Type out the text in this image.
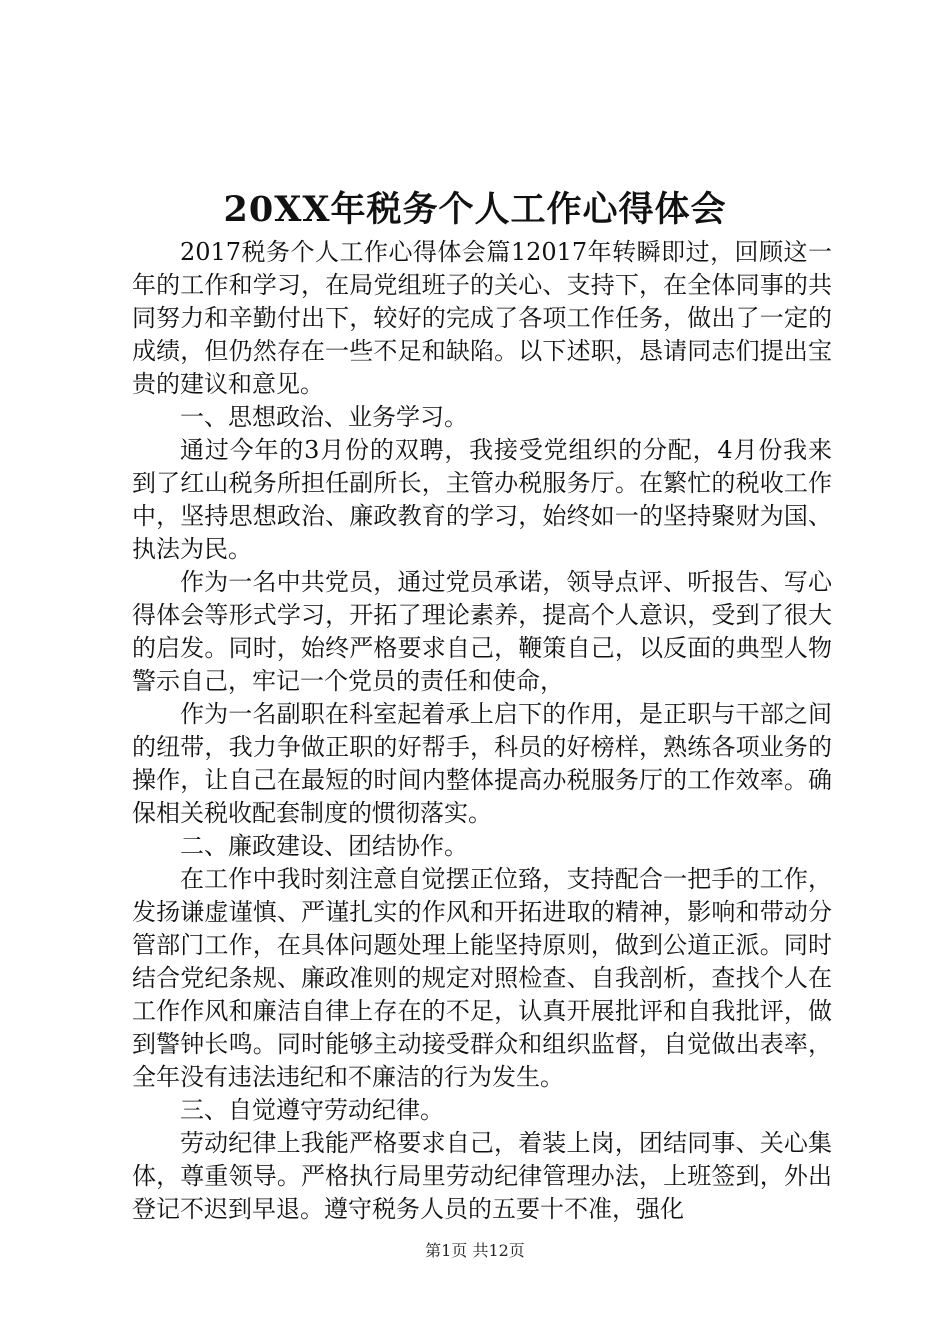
20XX年税务个人工作心得体会

2017税务个人工作心得体会篇12017年转瞬即过，回顾这一年的工作和学习，在局党组班子的关心、支持下，在全体同事的共同努力和辛勤付出下，较好的完成了各项工作任务，做出了一定的成绩，但仍然存在一些不足和缺陷。以下述职，恳请同志们提出宝贵的建议和意见。

一、思想政治、业务学习。

通过今年的3月份的双聘，我接受党组织的分配，4月份我来到了红山税务所担任副所长，主管办税服务厅。在繁忙的税收工作中，坚持思想政治、廉政教育的学习，始终如一的坚持聚财为国、执法为民。

作为一名中共党员，通过党员承诺，领导点评、听报告、写心得体会等形式学习，开拓了理论素养，提高个人意识，受到了很大的启发。同时，始终严格要求自己，鞭策自己，以反面的典型人物警示自己，牢记一个党员的责任和使命，

作为一名副职在科室起着承上启下的作用，是正职与干部之间的纽带，我力争做正职的好帮手，科员的好榜样，熟练各项业务的操作，让自己在最短的时间内整体提高办税服务厅的工作效率。确保相关税收配套制度的惯彻落实。

二、廉政建设、团结协作。

在工作中我时刻注意自觉摆正位臵，支持配合一把手的工作，发扬谦虚谨慎、严谨扎实的作风和开拓进取的精神，影响和带动分管部门工作，在具体问题处理上能坚持原则，做到公道正派。同时结合党纪条规、廉政准则的规定对照检查、自我剖析，查找个人在工作作风和廉洁自律上存在的不足，认真开展批评和自我批评，做到警钟长鸣。同时能够主动接受群众和组织监督，自觉做出表率，全年没有违法违纪和不廉洁的行为发生。

三、自觉遵守劳动纪律。

劳动纪律上我能严格要求自己，着装上岗，团结同事、关心集体，尊重领导。严格执行局里劳动纪律管理办法，上班签到，外出登记不迟到早退。遵守税务人员的五要十不准，强化

第1页 共12页
